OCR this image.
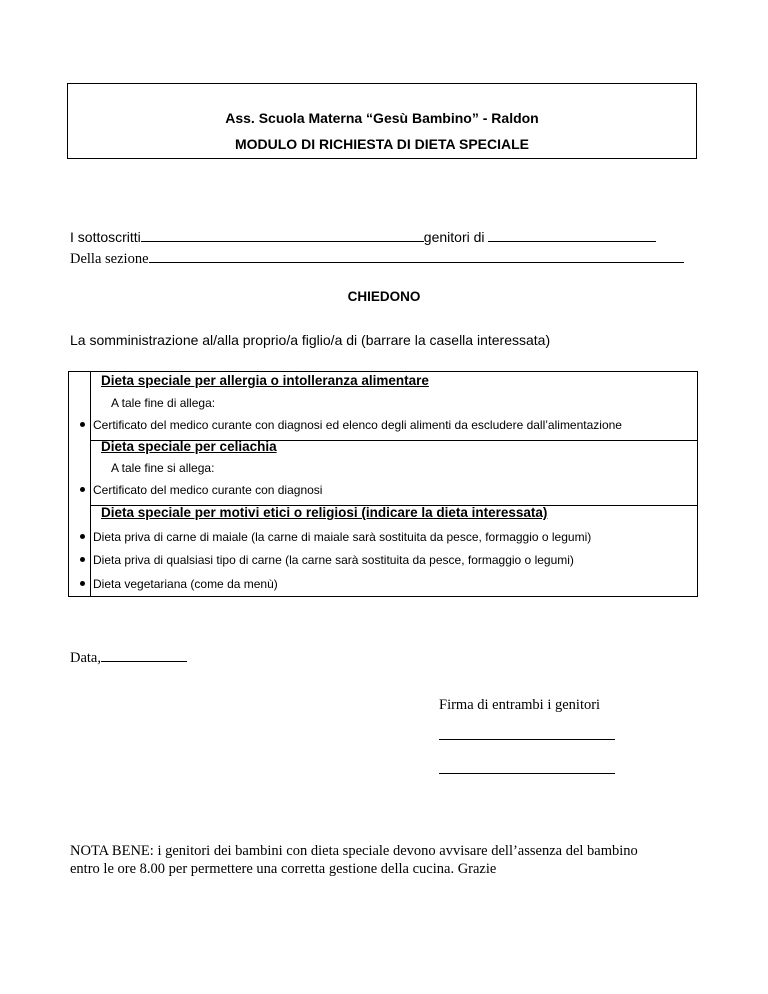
Ass. Scuola Materna “Gesù Bambino” - Raldon
MODULO DI RICHIESTA DI DIETA SPECIALE
I sottoscritti	genitori di
Della sezione
CHIEDONO
La somministrazione al/alla proprio/a figlio/a di (barrare la casella interessata)
Dieta speciale per allergia o intolleranza alimentare
A tale fine di allega:
Certificato del medico curante con diagnosi ed elenco degli alimenti da escludere dall’alimentazione
Dieta speciale per celiachia
A tale fine si allega:
Certificato del medico curante con diagnosi
Dieta speciale per motivi etici o religiosi (indicare la dieta interessata)
Dieta priva di carne di maiale (la carne di maiale sarà sostituita da pesce, formaggio o legumi)
Dieta priva di qualsiasi tipo di carne (la carne sarà sostituita da pesce, formaggio o legumi)
Dieta vegetariana (come da menù)
Data,
Firma di entrambi i genitori
NOTA BENE: i genitori dei bambini con dieta speciale devono avvisare dell’assenza del bambino
entro le ore 8.00 per permettere una corretta gestione della cucina. Grazie
